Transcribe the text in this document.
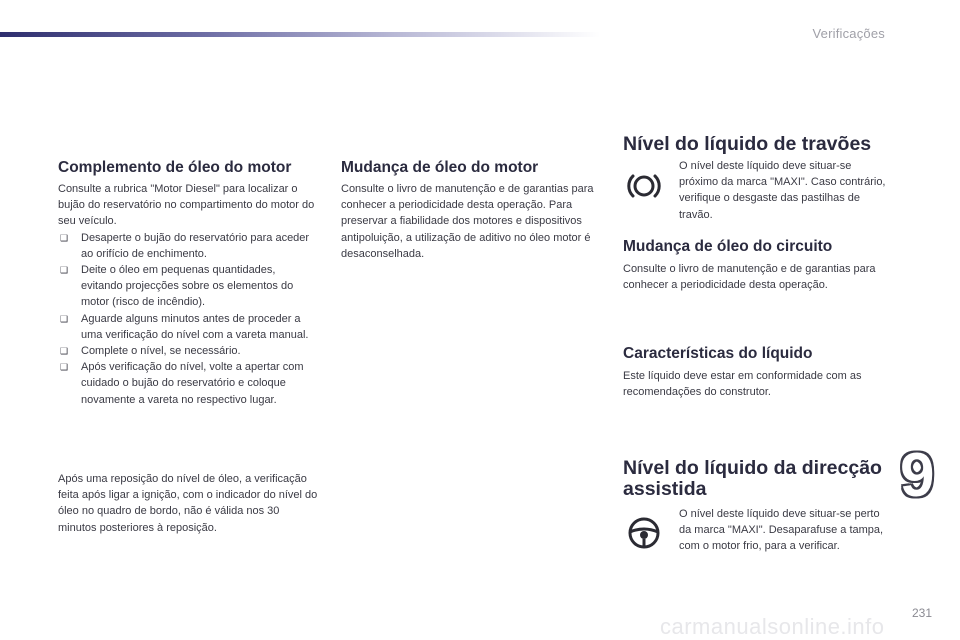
Verificações
Complemento de óleo do motor

Consulte a rubrica "Motor Diesel" para localizar o bujão do reservatório no compartimento do motor do seu veículo.

❑ Desaperte o bujão do reservatório para aceder ao orifício de enchimento.
❑ Deite o óleo em pequenas quantidades, evitando projecções sobre os elementos do motor (risco de incêndio).
❑ Aguarde alguns minutos antes de proceder a uma verificação do nível com a vareta manual.
❑ Complete o nível, se necessário.
❑ Após verificação do nível, volte a apertar com cuidado o bujão do reservatório e coloque novamente a vareta no respectivo lugar.

Após uma reposição do nível de óleo, a verificação feita após ligar a ignição, com o indicador do nível do óleo no quadro de bordo, não é válida nos 30 minutos posteriores à reposição.

Mudança de óleo do motor

Consulte o livro de manutenção e de garantias para conhecer a periodicidade desta operação. Para preservar a fiabilidade dos motores e dispositivos antipoluição, a utilização de aditivo no óleo motor é desaconselhada.

Nível do líquido de travões

O nível deste líquido deve situar-se próximo da marca "MAXI". Caso contrário, verifique o desgaste das pastilhas de travão.

Mudança de óleo do circuito

Consulte o livro de manutenção e de garantias para conhecer a periodicidade desta operação.

Características do líquido

Este líquido deve estar em conformidade com as recomendações do construtor.

Nível do líquido da direcção assistida

O nível deste líquido deve situar-se perto da marca "MAXI". Desaparafuse a tampa, com o motor frio, para a verificar.

9
carmanualsonline.info
231
